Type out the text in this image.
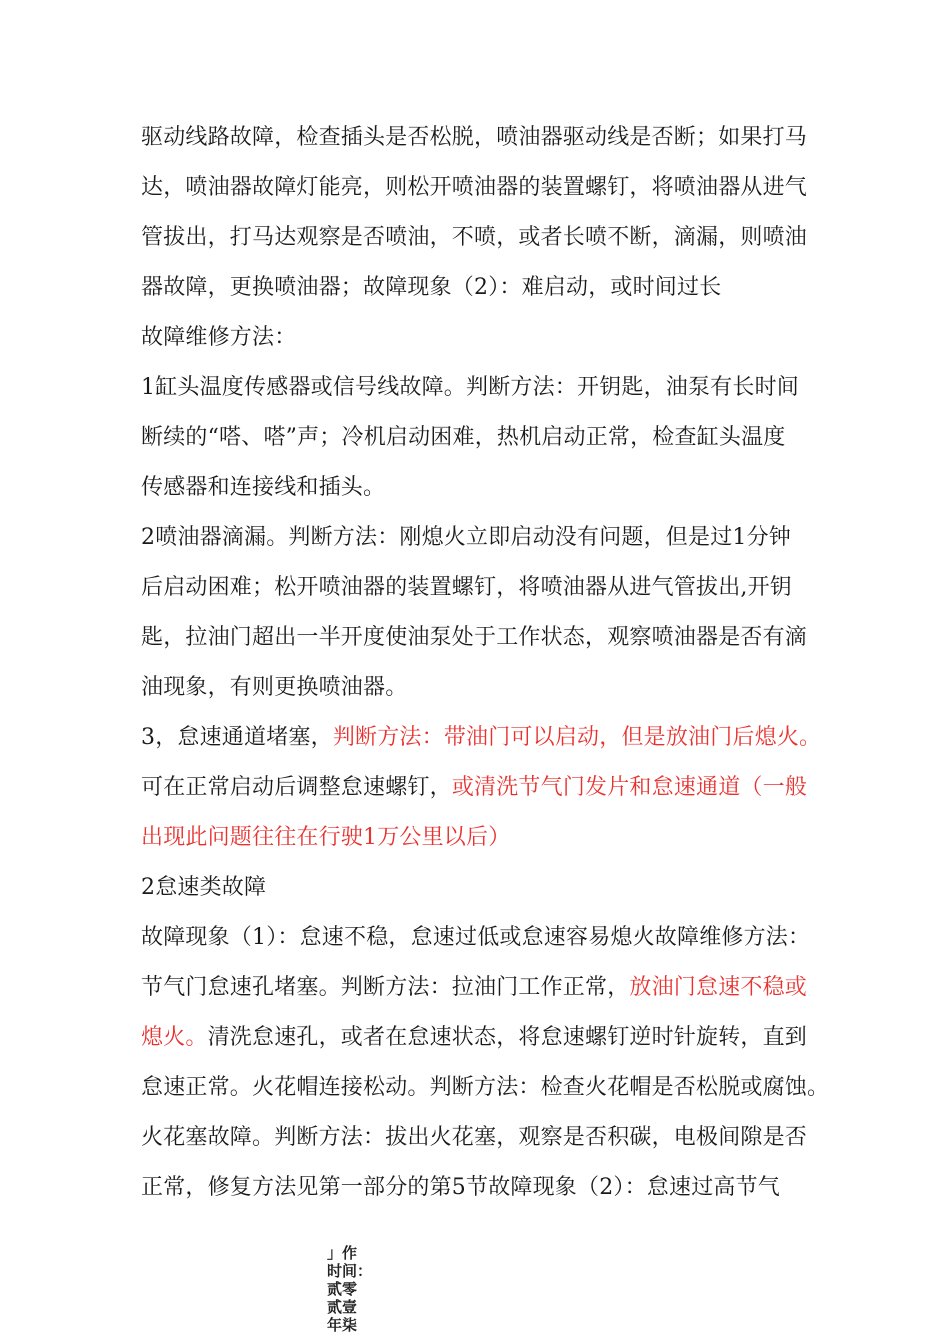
驱动线路故障，检查插头是否松脱，喷油器驱动线是否断；如果打马
达，喷油器故障灯能亮，则松开喷油器的装置螺钉，将喷油器从进气
管拔出，打马达观察是否喷油，不喷，或者长喷不断，滴漏，则喷油
器故障，更换喷油器；故障现象（2）：难启动，或时间过长
故障维修方法：
1缸头温度传感器或信号线故障。判断方法：开钥匙，油泵有长时间
断续的“嗒、嗒”声；冷机启动困难，热机启动正常，检查缸头温度
传感器和连接线和插头。
2喷油器滴漏。判断方法：刚熄火立即启动没有问题，但是过1分钟
后启动困难；松开喷油器的装置螺钉，将喷油器从进气管拔出,开钥
匙，拉油门超出一半开度使油泵处于工作状态，观察喷油器是否有滴
油现象，有则更换喷油器。
3，怠速通道堵塞，判断方法：带油门可以启动，但是放油门后熄火。
可在正常启动后调整怠速螺钉，或清洗节气门发片和怠速通道（一般
出现此问题往往在行驶1万公里以后）
2怠速类故障
故障现象（1）：怠速不稳，怠速过低或怠速容易熄火故障维修方法：
节气门怠速孔堵塞。判断方法：拉油门工作正常，放油门怠速不稳或
熄火。清洗怠速孔，或者在怠速状态，将怠速螺钉逆时针旋转，直到
怠速正常。火花帽连接松动。判断方法：检查火花帽是否松脱或腐蚀。
火花塞故障。判断方法：拔出火花塞，观察是否积碳，电极间隙是否
正常，修复方法见第一部分的第5节故障现象（2）：怠速过高节气
」作
时间：
贰零
贰壹
年柒
